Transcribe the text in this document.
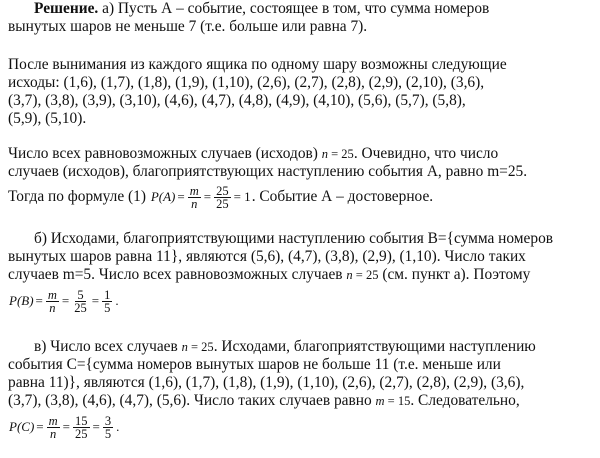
Решение. а) Пусть А – событие, состоящее в том, что сумма номеров
вынутых шаров не меньше 7 (т.е. больше или равна 7).
После вынимания из каждого ящика по одному шару возможны следующие
исходы: (1,6), (1,7), (1,8), (1,9), (1,10), (2,6), (2,7), (2,8), (2,9), (2,10), (3,6),
(3,7), (3,8), (3,9), (3,10), (4,6), (4,7), (4,8), (4,9), (4,10), (5,6), (5,7), (5,8),
(5,9), (5,10).
Число всех равновозможных случаев (исходов) n = 25. Очевидно, что число
случаев (исходов), благоприятствующих наступлению события А, равно m=25.
Тогда по формуле (1) $P(A) = \frac{m}{n} = \frac{25}{25} = 1$ . Событие А – достоверное.
б) Исходами, благоприятствующими наступлению события B={сумма номеров
вынутых шаров равна 11}, являются (5,6), (4,7), (3,8), (2,9), (1,10). Число таких
случаев m=5. Число всех равновозможных случаев n = 25 (см. пункт а). Поэтому
$P(B) = \frac{m}{n} = \frac{5}{25} = \frac{1}{5}$ .
в) Число всех случаев n = 25. Исходами, благоприятствующими наступлению
события C={сумма номеров вынутых шаров не больше 11 (т.е. меньше или
равна 11)}, являются (1,6), (1,7), (1,8), (1,9), (1,10), (2,6), (2,7), (2,8), (2,9), (3,6),
(3,7), (3,8), (4,6), (4,7), (5,6). Число таких случаев равно m = 15. Следовательно,
$P(C) = \frac{m}{n} = \frac{15}{25} = \frac{3}{5}$ .
